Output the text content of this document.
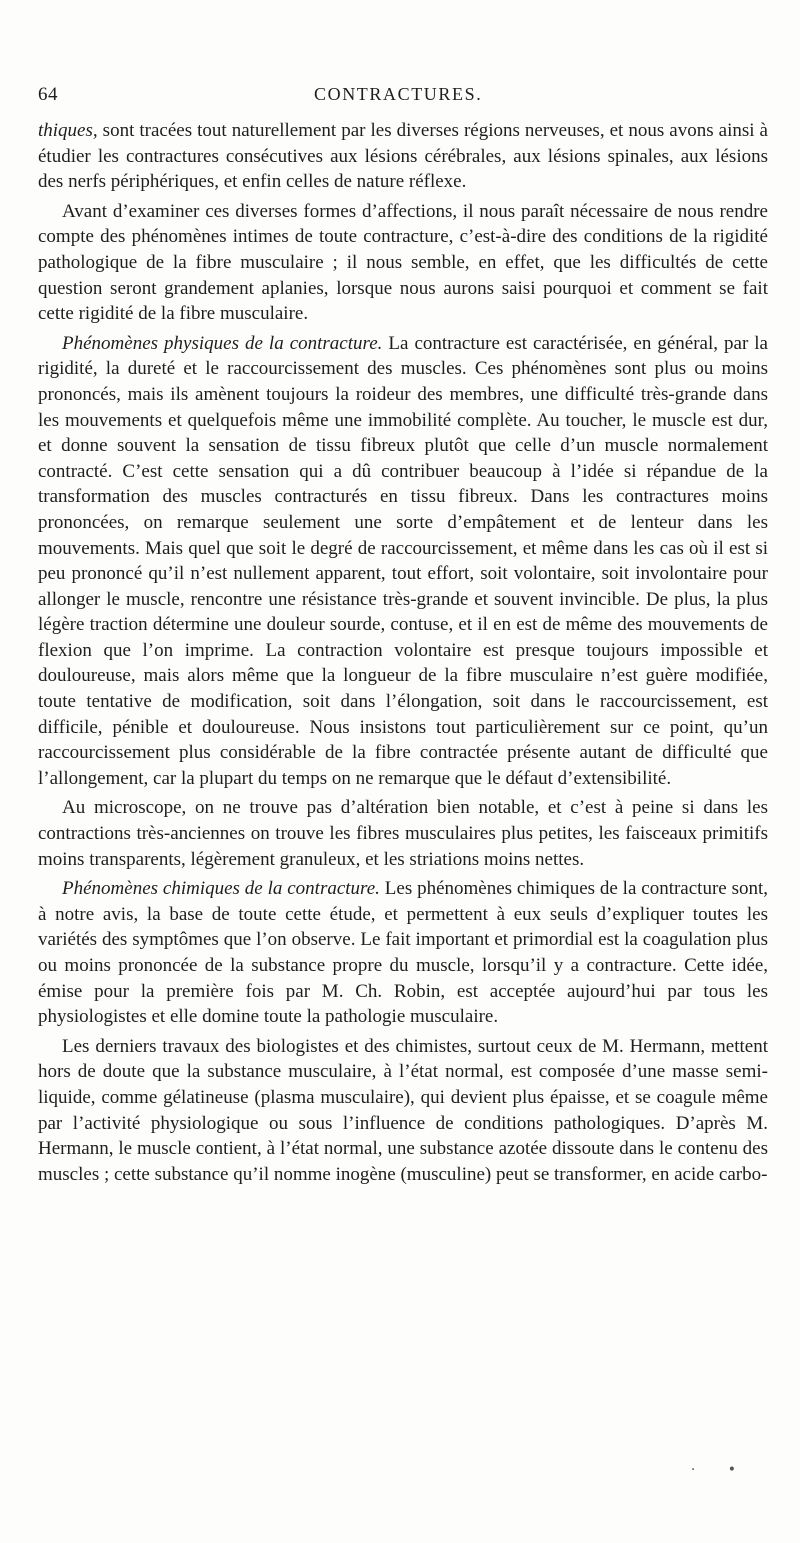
64	CONTRACTURES.

thiques, sont tracées tout naturellement par les diverses régions nerveuses, et nous avons ainsi à étudier les contractures consécutives aux lésions cérébrales, aux lésions spinales, aux lésions des nerfs périphériques, et enfin celles de nature réflexe.

Avant d’examiner ces diverses formes d’affections, il nous paraît nécessaire de nous rendre compte des phénomènes intimes de toute contracture, c’est-à-dire des conditions de la rigidité pathologique de la fibre musculaire ; il nous semble, en effet, que les difficultés de cette question seront grandement aplanies, lorsque nous aurons saisi pourquoi et comment se fait cette rigidité de la fibre musculaire.

Phénomènes physiques de la contracture. La contracture est caractérisée, en général, par la rigidité, la dureté et le raccourcissement des muscles. Ces phénomènes sont plus ou moins prononcés, mais ils amènent toujours la roideur des membres, une difficulté très-grande dans les mouvements et quelquefois même une immobilité complète. Au toucher, le muscle est dur, et donne souvent la sensation de tissu fibreux plutôt que celle d’un muscle normalement contracté. C’est cette sensation qui a dû contribuer beaucoup à l’idée si répandue de la transformation des muscles contracturés en tissu fibreux. Dans les contractures moins prononcées, on remarque seulement une sorte d’empâtement et de lenteur dans les mouvements. Mais quel que soit le degré de raccourcissement, et même dans les cas où il est si peu prononcé qu’il n’est nullement apparent, tout effort, soit volontaire, soit involontaire pour allonger le muscle, rencontre une résistance très-grande et souvent invincible. De plus, la plus légère traction détermine une douleur sourde, contuse, et il en est de même des mouvements de flexion que l’on imprime. La contraction volontaire est presque toujours impossible et douloureuse, mais alors même que la longueur de la fibre musculaire n’est guère modifiée, toute tentative de modification, soit dans l’élongation, soit dans le raccourcissement, est difficile, pénible et douloureuse. Nous insistons tout particulièrement sur ce point, qu’un raccourcissement plus considérable de la fibre contractée présente autant de difficulté que l’allongement, car la plupart du temps on ne remarque que le défaut d’extensibilité.

Au microscope, on ne trouve pas d’altération bien notable, et c’est à peine si dans les contractions très-anciennes on trouve les fibres musculaires plus petites, les faisceaux primitifs moins transparents, légèrement granuleux, et les striations moins nettes.

Phénomènes chimiques de la contracture. Les phénomènes chimiques de la contracture sont, à notre avis, la base de toute cette étude, et permettent à eux seuls d’expliquer toutes les variétés des symptômes que l’on observe. Le fait important et primordial est la coagulation plus ou moins prononcée de la substance propre du muscle, lorsqu’il y a contracture. Cette idée, émise pour la première fois par M. Ch. Robin, est acceptée aujourd’hui par tous les physiologistes et elle domine toute la pathologie musculaire.

Les derniers travaux des biologistes et des chimistes, surtout ceux de M. Hermann, mettent hors de doute que la substance musculaire, à l’état normal, est composée d’une masse semi-liquide, comme gélatineuse (plasma musculaire), qui devient plus épaisse, et se coagule même par l’activité physiologique ou sous l’influence de conditions pathologiques. D’après M. Hermann, le muscle contient, à l’état normal, une substance azotée dissoute dans le contenu des muscles ; cette substance qu’il nomme inogène (musculine) peut se transformer, en acide carbo-

· •
